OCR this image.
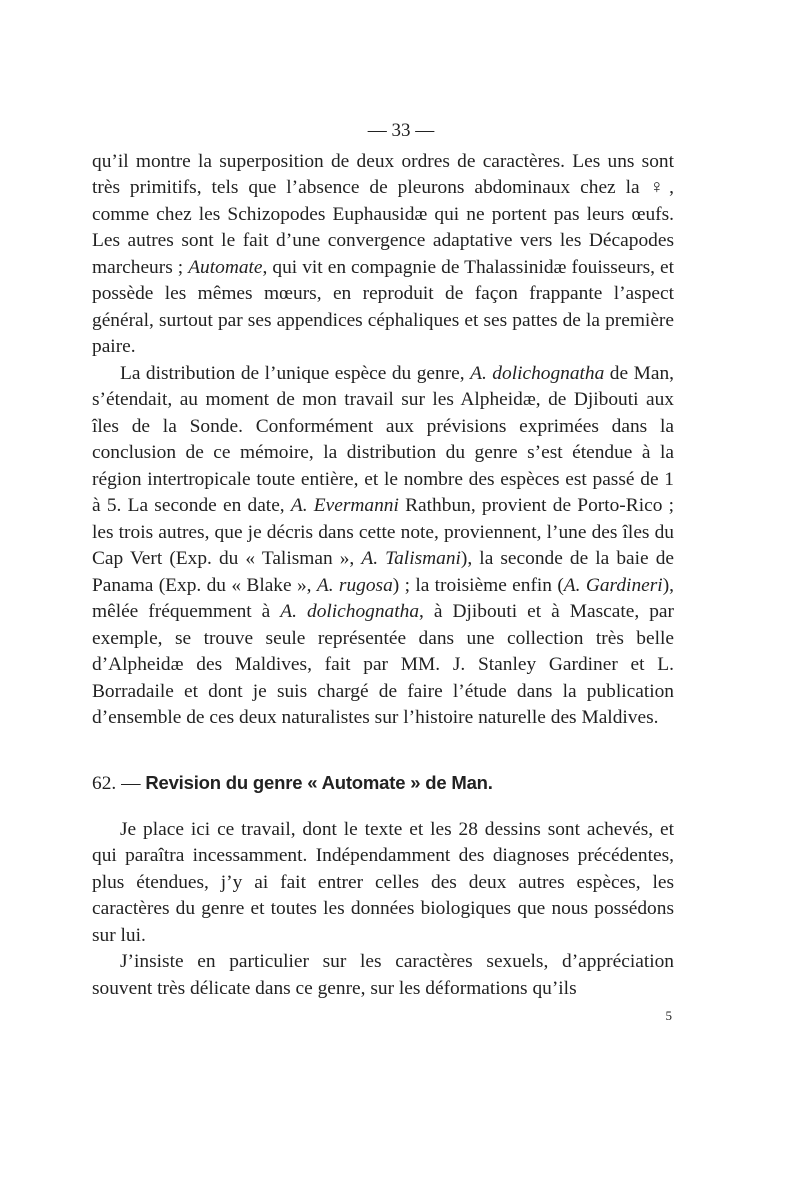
— 33 —

qu’il montre la superposition de deux ordres de caractères. Les uns sont très primitifs, tels que l’absence de pleurons abdominaux chez la ♀, comme chez les Schizopodes Euphausidæ qui ne portent pas leurs œufs. Les autres sont le fait d’une convergence adaptative vers les Décapodes marcheurs ; Automate, qui vit en compagnie de Thalassinidæ fouisseurs, et possède les mêmes mœurs, en reproduit de façon frappante l’aspect général, surtout par ses appendices céphaliques et ses pattes de la première paire.

La distribution de l’unique espèce du genre, A. dolichognatha de Man, s’étendait, au moment de mon travail sur les Alpheidæ, de Djibouti aux îles de la Sonde. Conformément aux prévisions exprimées dans la conclusion de ce mémoire, la distribution du genre s’est étendue à la région intertropicale toute entière, et le nombre des espèces est passé de 1 à 5. La seconde en date, A. Evermanni Rathbun, provient de Porto-Rico ; les trois autres, que je décris dans cette note, proviennent, l’une des îles du Cap Vert (Exp. du « Talisman », A. Talismani), la seconde de la baie de Panama (Exp. du « Blake », A. rugosa) ; la troisième enfin (A. Gardineri), mêlée fréquemment à A. dolichognatha, à Djibouti et à Mascate, par exemple, se trouve seule représentée dans une collection très belle d’Alpheidæ des Maldives, fait par MM. J. Stanley Gardiner et L. Borradaile et dont je suis chargé de faire l’étude dans la publication d’ensemble de ces deux naturalistes sur l’histoire naturelle des Maldives.

62. — Revision du genre « Automate » de Man.

Je place ici ce travail, dont le texte et les 28 dessins sont achevés, et qui paraîtra incessamment. Indépendamment des diagnoses précédentes, plus étendues, j’y ai fait entrer celles des deux autres espèces, les caractères du genre et toutes les données biologiques que nous possédons sur lui.

J’insiste en particulier sur les caractères sexuels, d’appréciation souvent très délicate dans ce genre, sur les déformations qu’ils

5
